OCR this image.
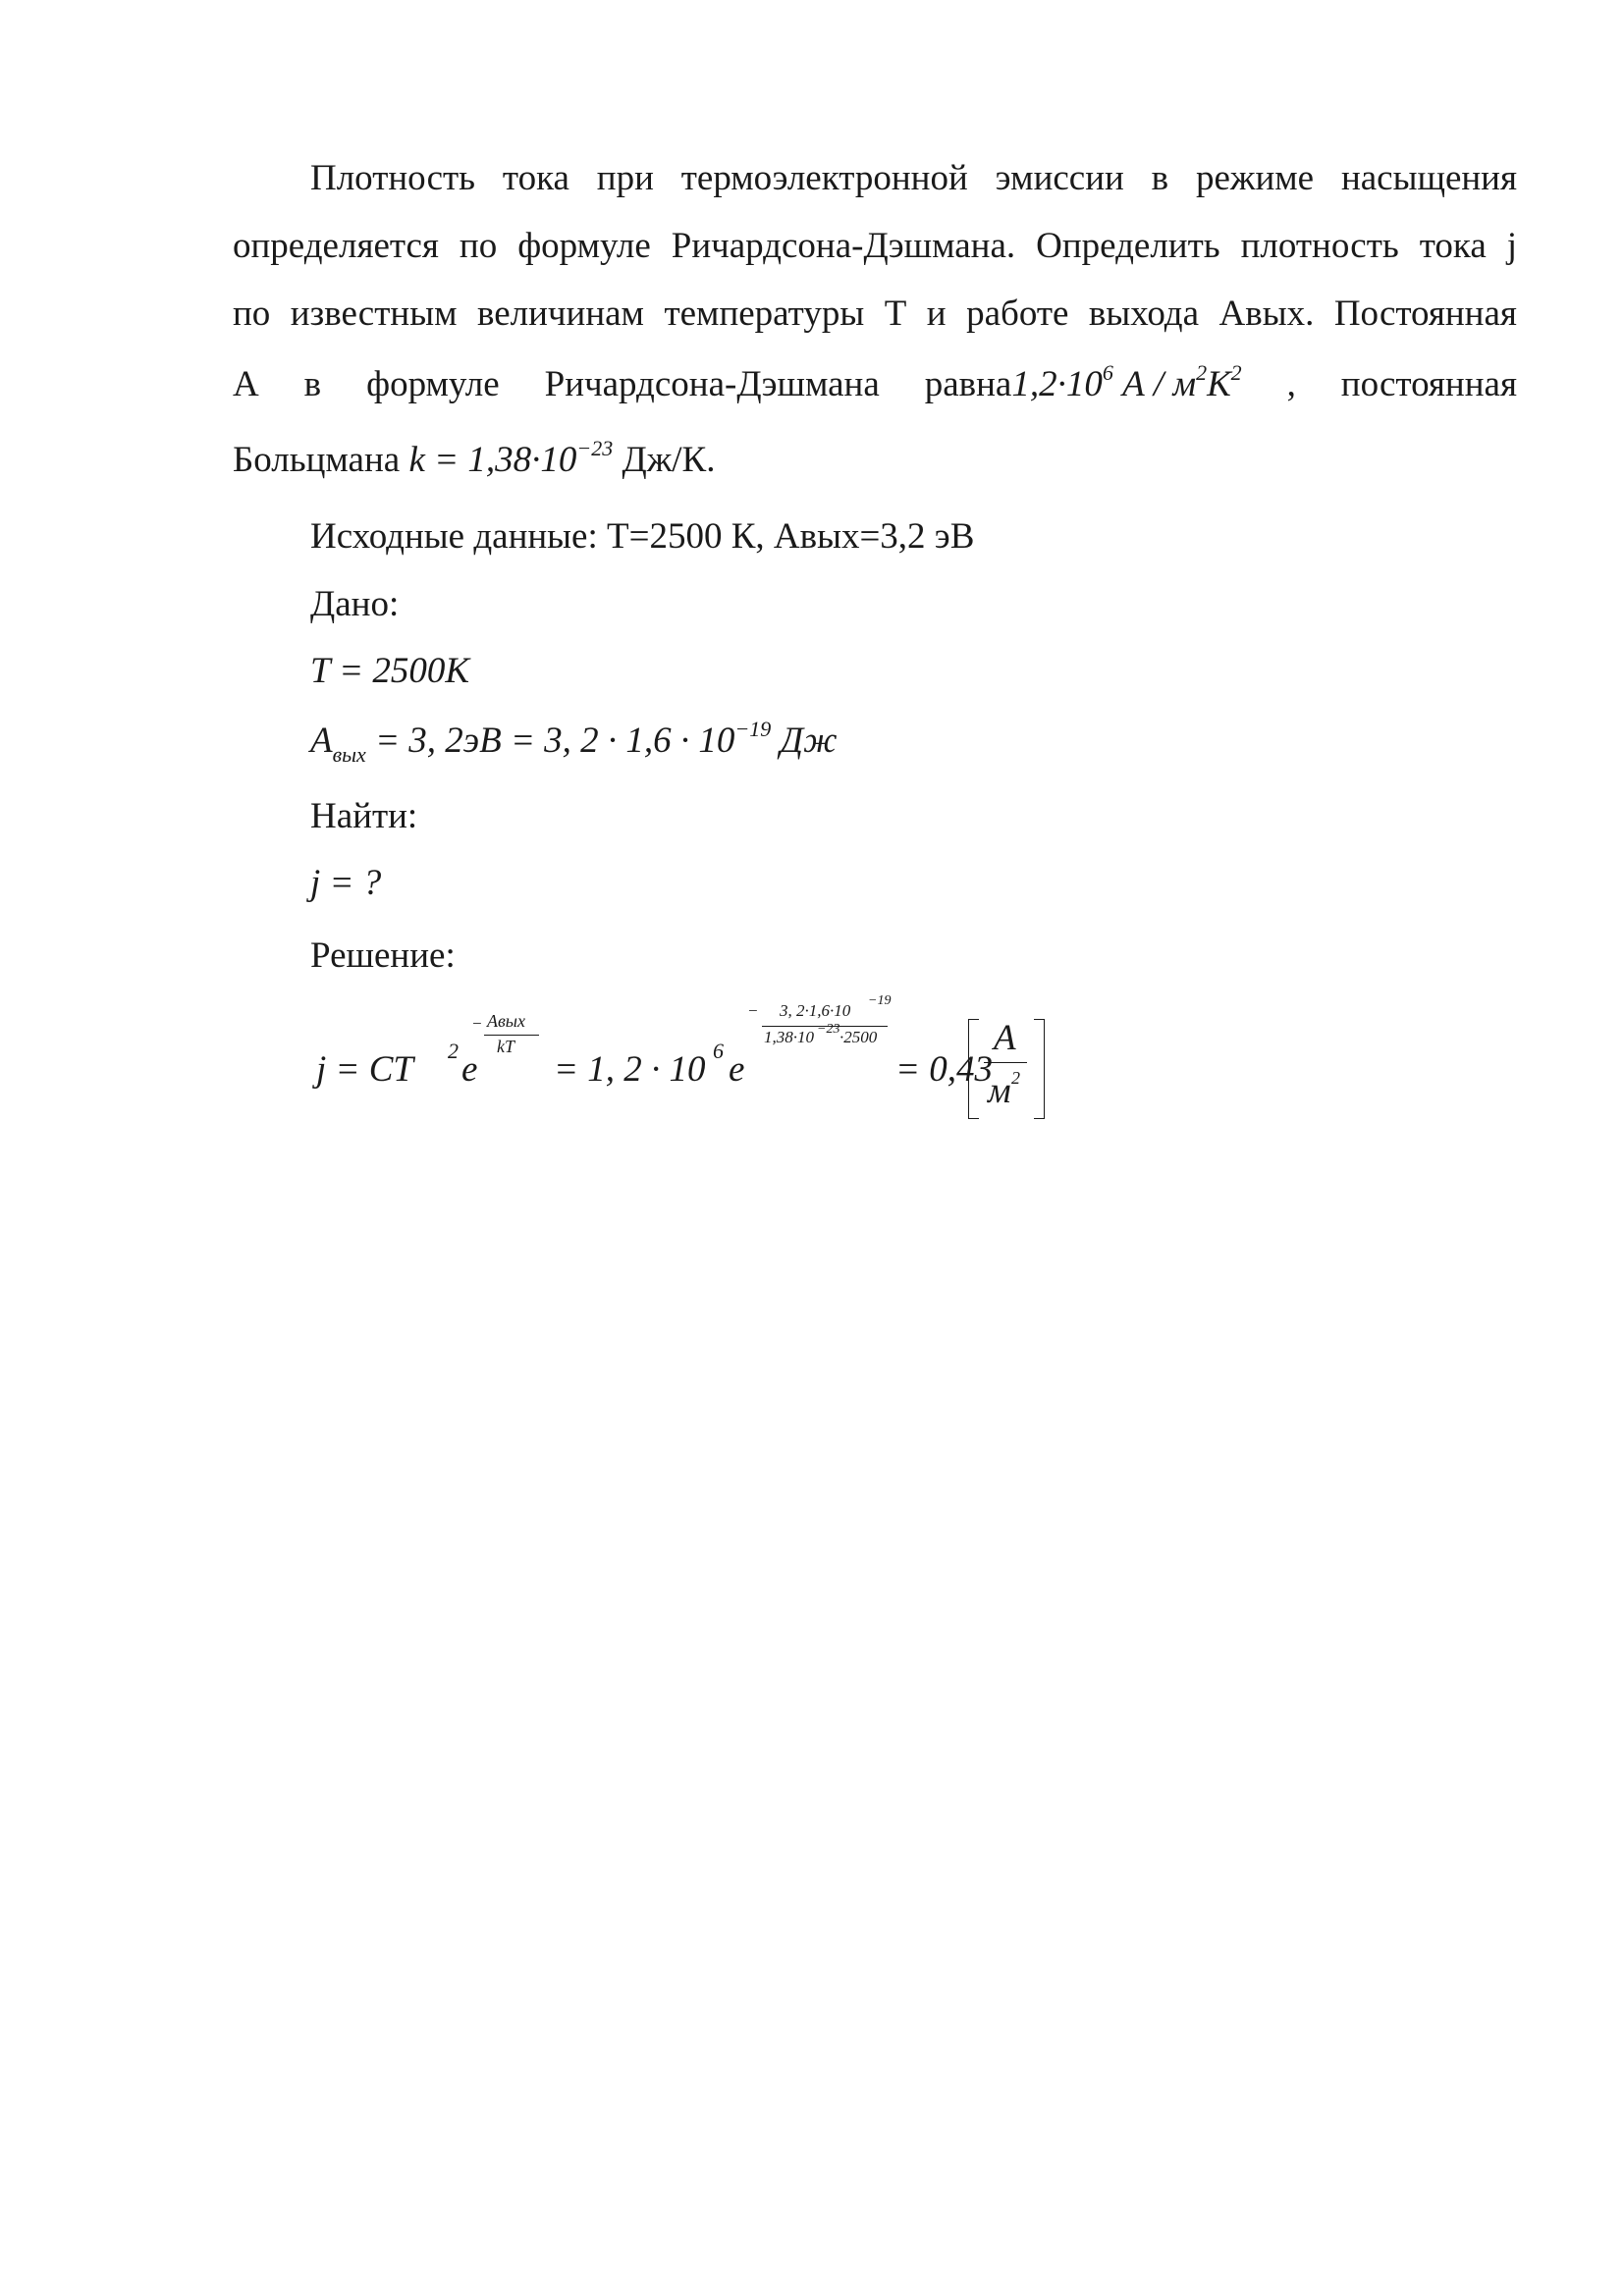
Плотность тока при термоэлектронной эмиссии в режиме насыщения
определяется по формуле Ричардсона-Дэшмана. Определить плотность тока j
по известным величинам температуры Т и работе выхода Авых. Постоянная
А в формуле Ричардсона-Дэшмана $равна1,2\cdot 10^6$ А / $м^2К^2$ , постоянная
Больцмана $k = 1,38\cdot 10^{-23}$ Дж/К.
Исходные данные: Т=2500 К, Авых=3,2 эВ
Дано:
T = 2500K
$A_{вых} = 3$, 2эВ = 3, $2 \cdot 1,6 \cdot 10^{-19}$ Дж
Найти:
j = ?
Решение:
j = CT 2 e
− Aвых
kT
= 1, 2 · 10 6 e
− 3, 2·1,6·10
−19
1,38·10 −23 ·2500
= 0,43
A
м 2
